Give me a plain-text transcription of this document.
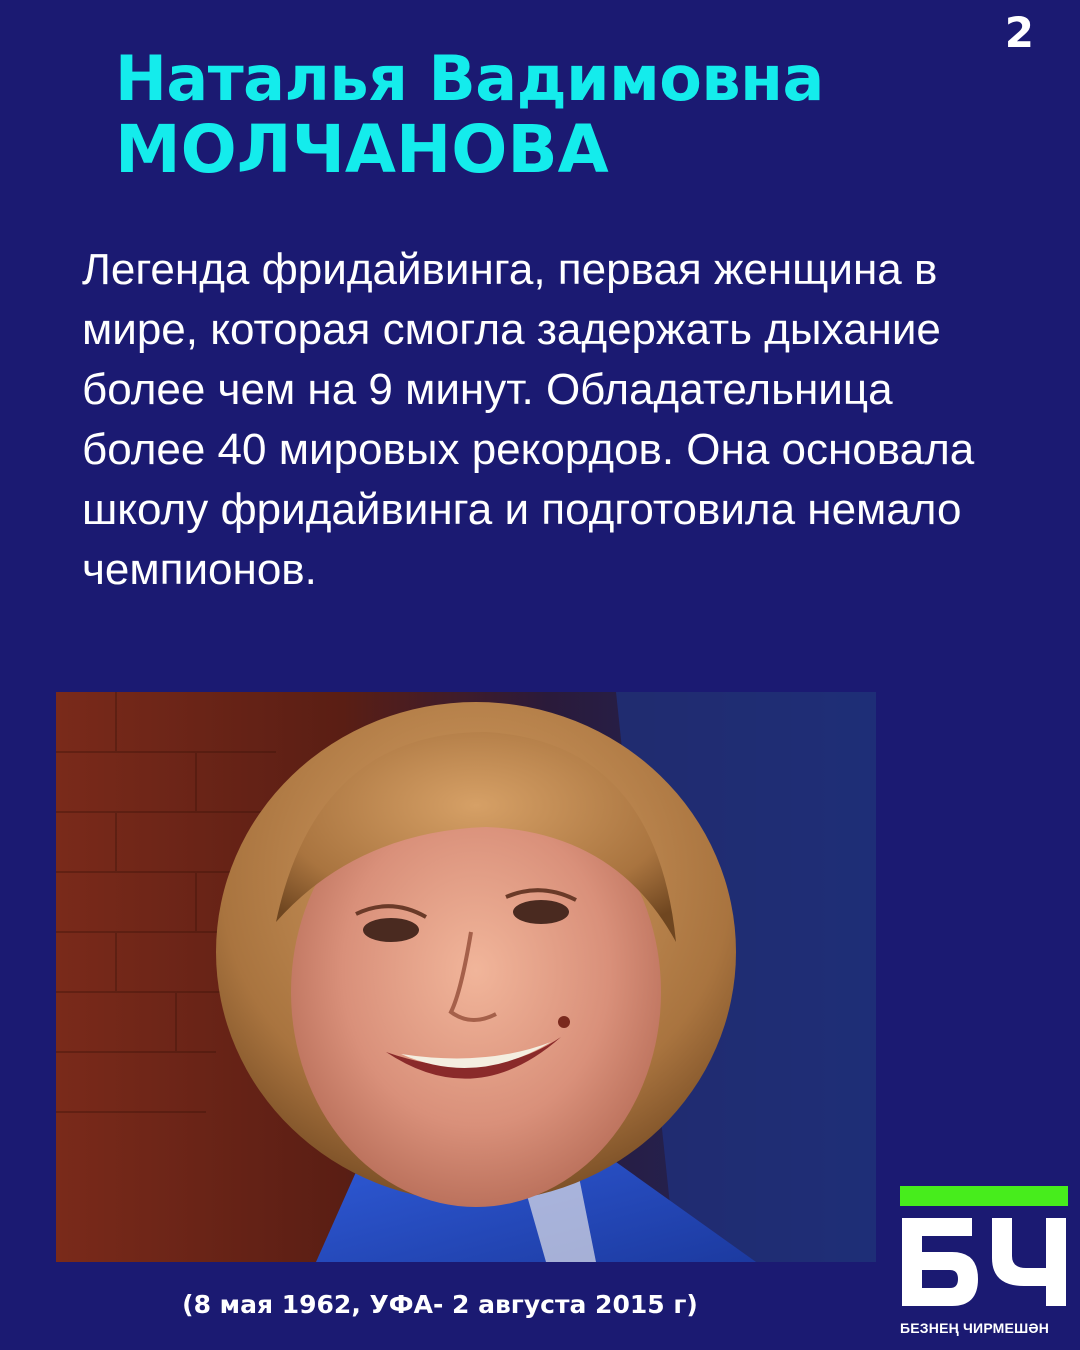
2
Наталья Вадимовна
МОЛЧАНОВА

Легенда фридайвинга, первая женщина в мире, которая смогла задержать дыхание более чем на 9 минут. Обладательница более 40 мировых рекордов. Она основала школу фридайвинга и подготовила немало чемпионов.

(8 мая 1962, УФА- 2 августа 2015 г)
БЕЗНЕҢ ЧИРМЕШӘН
